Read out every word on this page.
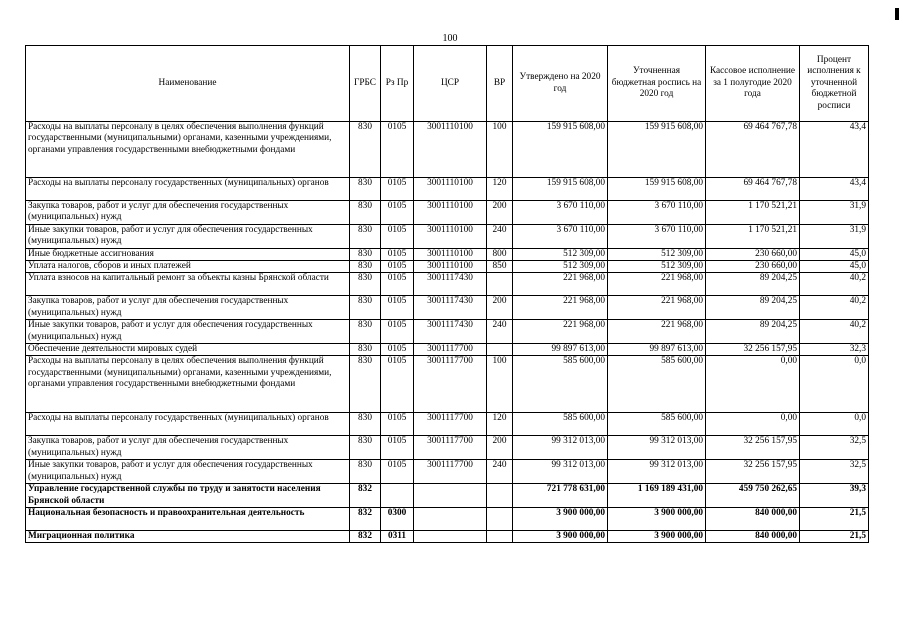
100
Наименование	ГРБС	Рз Пр	ЦСР	ВР	Утверждено на 2020 год	Уточненная бюджетная роспись на 2020 год	Кассовое исполнение за 1 полугодие 2020 года	Процент исполнения к уточненной бюджетной росписи
Расходы на выплаты персоналу в целях обеспечения выполнения функций государственными (муниципальными) органами, казенными учреждениями, органами управления государственными внебюджетными фондами	830	0105	3001110100	100	159 915 608,00	159 915 608,00	69 464 767,78	43,4
Расходы на выплаты персоналу государственных (муниципальных) органов	830	0105	3001110100	120	159 915 608,00	159 915 608,00	69 464 767,78	43,4
Закупка товаров, работ и услуг для обеспечения государственных (муниципальных) нужд	830	0105	3001110100	200	3 670 110,00	3 670 110,00	1 170 521,21	31,9
Иные закупки товаров, работ и услуг для обеспечения государственных (муниципальных) нужд	830	0105	3001110100	240	3 670 110,00	3 670 110,00	1 170 521,21	31,9
Иные бюджетные ассигнования	830	0105	3001110100	800	512 309,00	512 309,00	230 660,00	45,0
Уплата налогов, сборов и иных платежей	830	0105	3001110100	850	512 309,00	512 309,00	230 660,00	45,0
Уплата взносов на капитальный ремонт за объекты казны Брянской области	830	0105	3001117430		221 968,00	221 968,00	89 204,25	40,2
Закупка товаров, работ и услуг для обеспечения государственных (муниципальных) нужд	830	0105	3001117430	200	221 968,00	221 968,00	89 204,25	40,2
Иные закупки товаров, работ и услуг для обеспечения государственных (муниципальных) нужд	830	0105	3001117430	240	221 968,00	221 968,00	89 204,25	40,2
Обеспечение деятельности мировых судей	830	0105	3001117700		99 897 613,00	99 897 613,00	32 256 157,95	32,3
Расходы на выплаты персоналу в целях обеспечения выполнения функций государственными (муниципальными) органами, казенными учреждениями, органами управления государственными внебюджетными фондами	830	0105	3001117700	100	585 600,00	585 600,00	0,00	0,0
Расходы на выплаты персоналу государственных (муниципальных) органов	830	0105	3001117700	120	585 600,00	585 600,00	0,00	0,0
Закупка товаров, работ и услуг для обеспечения государственных (муниципальных) нужд	830	0105	3001117700	200	99 312 013,00	99 312 013,00	32 256 157,95	32,5
Иные закупки товаров, работ и услуг для обеспечения государственных (муниципальных) нужд	830	0105	3001117700	240	99 312 013,00	99 312 013,00	32 256 157,95	32,5
Управление государственной службы по труду и занятости населения Брянской области	832				721 778 631,00	1 169 189 431,00	459 750 262,65	39,3
Национальная безопасность и правоохранительная деятельность	832	0300			3 900 000,00	3 900 000,00	840 000,00	21,5
Миграционная политика	832	0311			3 900 000,00	3 900 000,00	840 000,00	21,5
